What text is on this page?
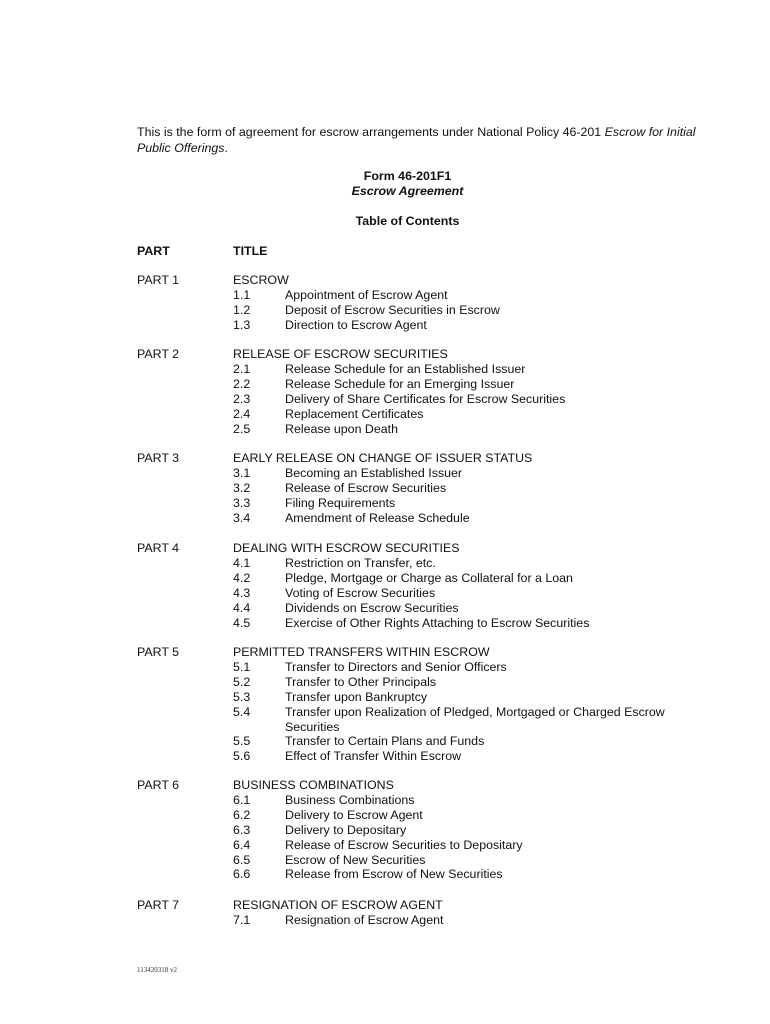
This is the form of agreement for escrow arrangements under National Policy 46-201 Escrow for Initial Public Offerings.
Form 46-201F1
Escrow Agreement
Table of Contents
PART	TITLE
PART 1	ESCROW
1.1	Appointment of Escrow Agent
1.2	Deposit of Escrow Securities in Escrow
1.3	Direction to Escrow Agent
PART 2	RELEASE OF ESCROW SECURITIES
2.1	Release Schedule for an Established Issuer
2.2	Release Schedule for an Emerging Issuer
2.3	Delivery of Share Certificates for Escrow Securities
2.4	Replacement Certificates
2.5	Release upon Death
PART 3	EARLY RELEASE ON CHANGE OF ISSUER STATUS
3.1	Becoming an Established Issuer
3.2	Release of Escrow Securities
3.3	Filing Requirements
3.4	Amendment of Release Schedule
PART 4	DEALING WITH ESCROW SECURITIES
4.1	Restriction on Transfer, etc.
4.2	Pledge, Mortgage or Charge as Collateral for a Loan
4.3	Voting of Escrow Securities
4.4	Dividends on Escrow Securities
4.5	Exercise of Other Rights Attaching to Escrow Securities
PART 5	PERMITTED TRANSFERS WITHIN ESCROW
5.1	Transfer to Directors and Senior Officers
5.2	Transfer to Other Principals
5.3	Transfer upon Bankruptcy
5.4	Transfer upon Realization of Pledged, Mortgaged or Charged Escrow Securities
5.5	Transfer to Certain Plans and Funds
5.6	Effect of Transfer Within Escrow
PART 6	BUSINESS COMBINATIONS
6.1	Business Combinations
6.2	Delivery to Escrow Agent
6.3	Delivery to Depositary
6.4	Release of Escrow Securities to Depositary
6.5	Escrow of New Securities
6.6	Release from Escrow of New Securities
PART 7	RESIGNATION OF ESCROW AGENT
7.1	Resignation of Escrow Agent
113420318 v2
